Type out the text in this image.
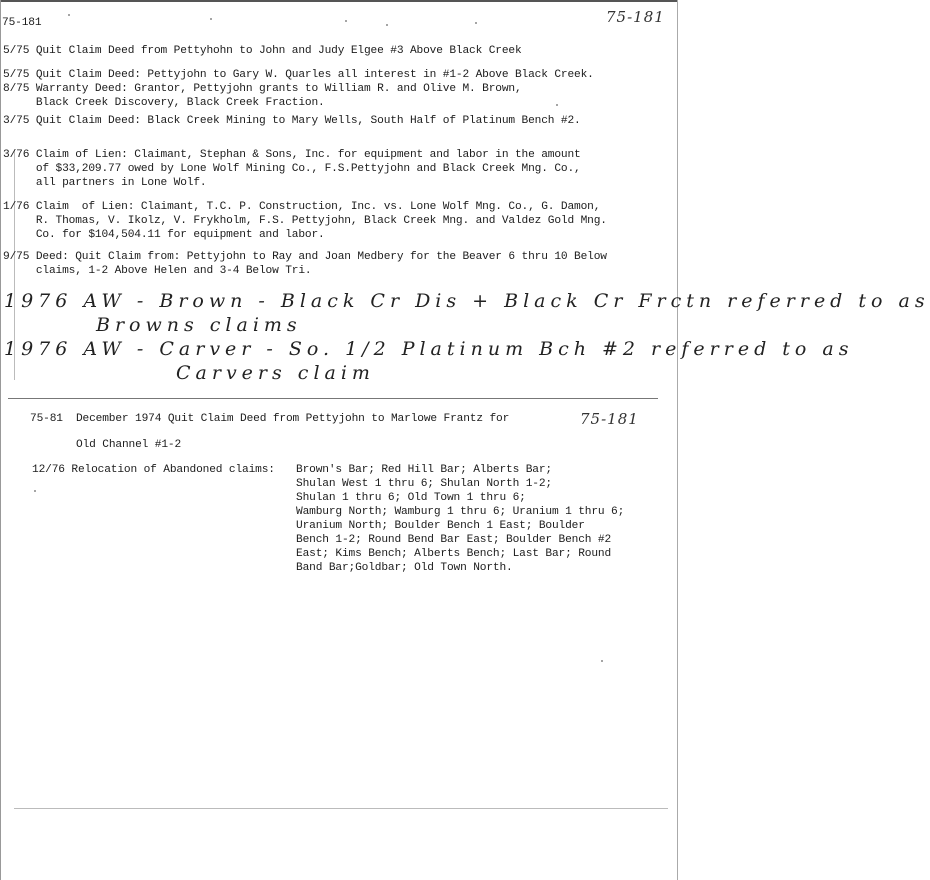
75-181	75-181
5/75 Quit Claim Deed from Pettyhohn to John and Judy Elgee #3 Above Black Creek
5/75 Quit Claim Deed: Pettyjohn to Gary W. Quarles all interest in #1-2 Above Black Creek.
8/75 Warranty Deed: Grantor, Pettyjohn grants to William R. and Olive M. Brown,
Black Creek Discovery, Black Creek Fraction.
3/75 Quit Claim Deed: Black Creek Mining to Mary Wells, South Half of Platinum Bench #2.
3/76 Claim of Lien: Claimant, Stephan & Sons, Inc. for equipment and labor in the amount
of $33,209.77 owed by Lone Wolf Mining Co., F.S.Pettyjohn and Black Creek Mng. Co.,
all partners in Lone Wolf.
1/76 Claim  of Lien: Claimant, T.C. P. Construction, Inc. vs. Lone Wolf Mng. Co., G. Damon,
R. Thomas, V. Ikolz, V. Frykholm, F.S. Pettyjohn, Black Creek Mng. and Valdez Gold Mng.
Co. for $104,504.11 for equipment and labor.
9/75 Deed: Quit Claim from: Pettyjohn to Ray and Joan Medbery for the Beaver 6 thru 10 Below
claims, 1-2 Above Helen and 3-4 Below Tri.
1976 AW - Brown - Black Cr Dis + Black Cr Frctn referred to as
Browns claims
1976 AW - Carver - So. 1/2 Platinum Bch #2 referred to as
Carvers claim
75-81  December 1974 Quit Claim Deed from Pettyjohn to Marlowe Frantz for	75-181
Old Channel #1-2
12/76 Relocation of Abandoned claims: Brown's Bar; Red Hill Bar; Alberts Bar;
Shulan West 1 thru 6; Shulan North 1-2;
Shulan 1 thru 6; Old Town 1 thru 6;
Wamburg North; Wamburg 1 thru 6; Uranium 1 thru 6;
Uranium North; Boulder Bench 1 East; Boulder
Bench 1-2; Round Bend Bar East; Boulder Bench #2
East; Kims Bench; Alberts Bench; Last Bar; Round
Band Bar;Goldbar; Old Town North.
